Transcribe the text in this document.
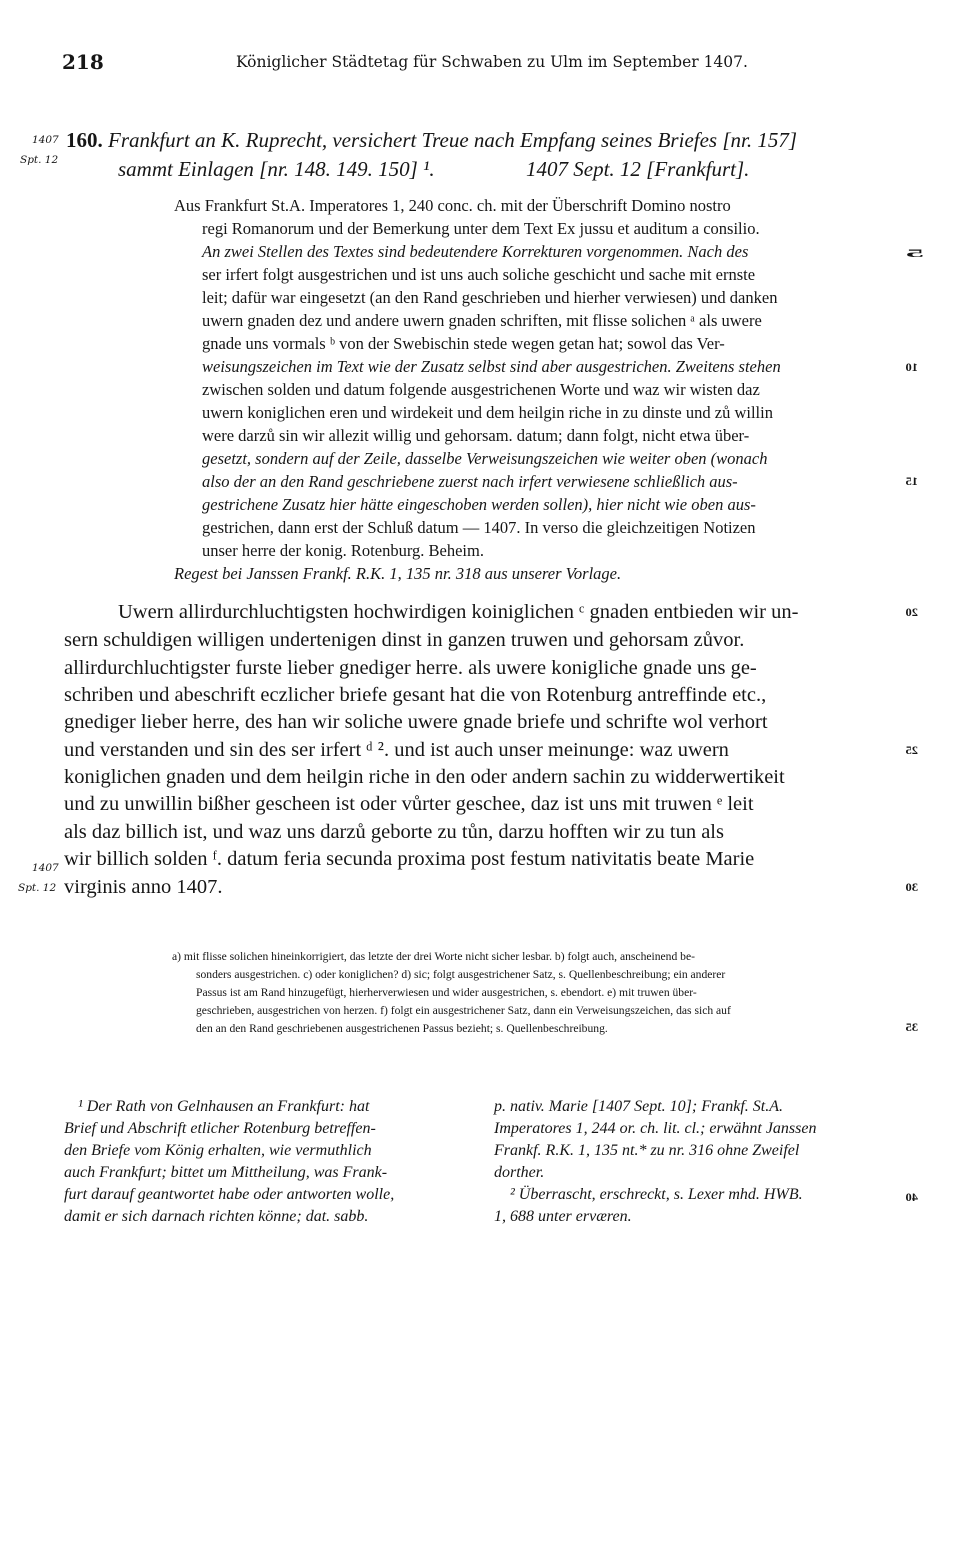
218	Königlicher Städtetag für Schwaben zu Ulm im September 1407.
1407
Spt. 12
1407
Spt. 12
160. Frankfurt an K. Ruprecht, versichert Treue nach Empfang seines Briefes [nr. 157]
sammt Einlagen [nr. 148. 149. 150] ¹.	1407 Sept. 12 [Frankfurt].
Aus Frankfurt St.A. Imperatores 1, 240 conc. ch. mit der Überschrift Domino nostro
regi Romanorum und der Bemerkung unter dem Text Ex jussu et auditum a consilio.
An zwei Stellen des Textes sind bedeutendere Korrekturen vorgenommen. Nach des
ser irfert folgt ausgestrichen und ist uns auch soliche geschicht und sache mit ernste
leit; dafür war eingesetzt (an den Rand geschrieben und hierher verwiesen) und danken
uwern gnaden dez und andere uwern gnaden schriften, mit flisse solichen ᵃ als uwere
gnade uns vormals ᵇ von der Swebischin stede wegen getan hat; sowol das Ver-
weisungszeichen im Text wie der Zusatz selbst sind aber ausgestrichen. Zweitens stehen
zwischen solden und datum folgende ausgestrichenen Worte und waz wir wisten daz
uwern koniglichen eren und wirdekeit und dem heilgin riche in zu dinste und zů willin
were darzů sin wir allezit willig und gehorsam. datum; dann folgt, nicht etwa über-
gesetzt, sondern auf der Zeile, dasselbe Verweisungszeichen wie weiter oben (wonach
also der an den Rand geschriebene zuerst nach irfert verwiesene schließlich aus-
gestrichene Zusatz hier hätte eingeschoben werden sollen), hier nicht wie oben aus-
gestrichen, dann erst der Schluß datum — 1407. In verso die gleichzeitigen Notizen
unser herre der konig. Rotenburg. Beheim.
Regest bei Janssen Frankf. R.K. 1, 135 nr. 318 aus unserer Vorlage.
Uwern allirdurchluchtigsten hochwirdigen koiniglichen ᶜ gnaden entbieden wir un-
sern schuldigen willigen undertenigen dinst in ganzen truwen und gehorsam zůvor.
allirdurchluchtigster furste lieber gnediger herre. als uwere konigliche gnade uns ge-
schriben und abeschrift eczlicher briefe gesant hat die von Rotenburg antreffinde etc.,
gnediger lieber herre, des han wir soliche uwere gnade briefe und schrifte wol verhort
und verstanden und sin des ser irfert ᵈ ². und ist auch unser meinunge: waz uwern
koniglichen gnaden und dem heilgin riche in den oder andern sachin zu widderwertikeit
und zu unwillin bißher gescheen ist oder vůrter geschee, daz ist uns mit truwen ᵉ leit
als daz billich ist, und waz uns darzů geborte zu tůn, darzu hofften wir zu tun als
wir billich solden ᶠ. datum feria secunda proxima post festum nativitatis beate Marie
virginis anno 1407.
a) mit flisse solichen hineinkorrigiert, das letzte der drei Worte nicht sicher lesbar. b) folgt auch, anscheinend be-
sonders ausgestrichen. c) oder koniglichen? d) sic; folgt ausgestrichener Satz, s. Quellenbeschreibung; ein anderer
Passus ist am Rand hinzugefügt, hierherverwiesen und wider ausgestrichen, s. ebendort. e) mit truwen über-
geschrieben, ausgestrichen von herzen. f) folgt ein ausgestrichener Satz, dann ein Verweisungszeichen, das sich auf
den an den Rand geschriebenen ausgestrichenen Passus bezieht; s. Quellenbeschreibung.
¹ Der Rath von Gelnhausen an Frankfurt: hat
Brief und Abschrift etlicher Rotenburg betreffen-
den Briefe vom König erhalten, wie vermuthlich
auch Frankfurt; bittet um Mittheilung, was Frank-
furt darauf geantwortet habe oder antworten wolle,
damit er sich darnach richten könne; dat. sabb.
p. nativ. Marie [1407 Sept. 10]; Frankf. St.A.
Imperatores 1, 244 or. ch. lit. cl.; erwähnt Janssen
Frankf. R.K. 1, 135 nt.* zu nr. 316 ohne Zweifel
dorther.
² Überrascht, erschreckt, s. Lexer mhd. HWB.
1, 688 unter erværen.
5
10
15
20
25
30
35
40
